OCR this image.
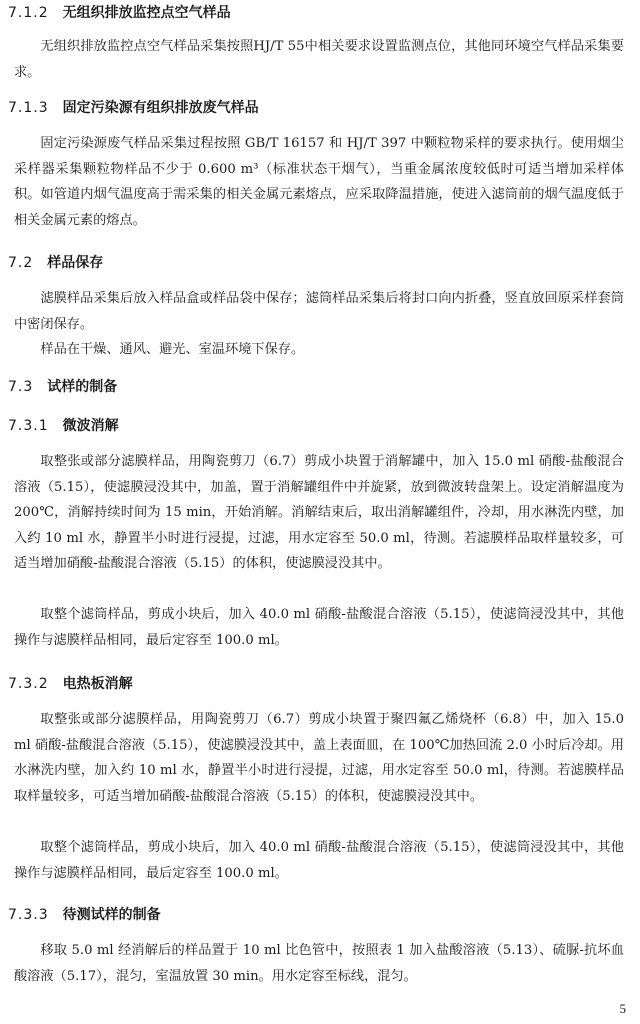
7.1.2 无组织排放监控点空气样品

无组织排放监控点空气样品采集按照HJ/T 55中相关要求设置监测点位，其他同环境空气样品采集要求。

7.1.3 固定污染源有组织排放废气样品

固定污染源废气样品采集过程按照 GB/T 16157 和 HJ/T 397 中颗粒物采样的要求执行。使用烟尘采样器采集颗粒物样品不少于 0.600 m³（标准状态干烟气），当重金属浓度较低时可适当增加采样体积。如管道内烟气温度高于需采集的相关金属元素熔点，应采取降温措施，使进入滤筒前的烟气温度低于相关金属元素的熔点。

7.2 样品保存

滤膜样品采集后放入样品盒或样品袋中保存；滤筒样品采集后将封口向内折叠，竖直放回原采样套筒中密闭保存。

样品在干燥、通风、避光、室温环境下保存。

7.3 试样的制备
7.3.1 微波消解

取整张或部分滤膜样品，用陶瓷剪刀（6.7）剪成小块置于消解罐中，加入 15.0 ml 硝酸-盐酸混合溶液（5.15），使滤膜浸没其中，加盖，置于消解罐组件中并旋紧，放到微波转盘架上。设定消解温度为 200℃，消解持续时间为 15 min，开始消解。消解结束后，取出消解罐组件，冷却，用水淋洗内壁，加入约 10 ml 水，静置半小时进行浸提，过滤，用水定容至 50.0 ml，待测。若滤膜样品取样量较多，可适当增加硝酸-盐酸混合溶液（5.15）的体积，使滤膜浸没其中。

取整个滤筒样品，剪成小块后，加入 40.0 ml 硝酸-盐酸混合溶液（5.15），使滤筒浸没其中，其他操作与滤膜样品相同，最后定容至 100.0 ml。

7.3.2 电热板消解

取整张或部分滤膜样品，用陶瓷剪刀（6.7）剪成小块置于聚四氟乙烯烧杯（6.8）中，加入 15.0 ml 硝酸-盐酸混合溶液（5.15），使滤膜浸没其中，盖上表面皿，在 100℃加热回流 2.0 小时后冷却。用水淋洗内壁，加入约 10 ml 水，静置半小时进行浸提，过滤，用水定容至 50.0 ml，待测。若滤膜样品取样量较多，可适当增加硝酸-盐酸混合溶液（5.15）的体积，使滤膜浸没其中。

取整个滤筒样品，剪成小块后，加入 40.0 ml 硝酸-盐酸混合溶液（5.15），使滤筒浸没其中，其他操作与滤膜样品相同，最后定容至 100.0 ml。

7.3.3 待测试样的制备

移取 5.0 ml 经消解后的样品置于 10 ml 比色管中，按照表 1 加入盐酸溶液（5.13）、硫脲-抗坏血酸溶液（5.17），混匀，室温放置 30 min。用水定容至标线，混匀。

5
